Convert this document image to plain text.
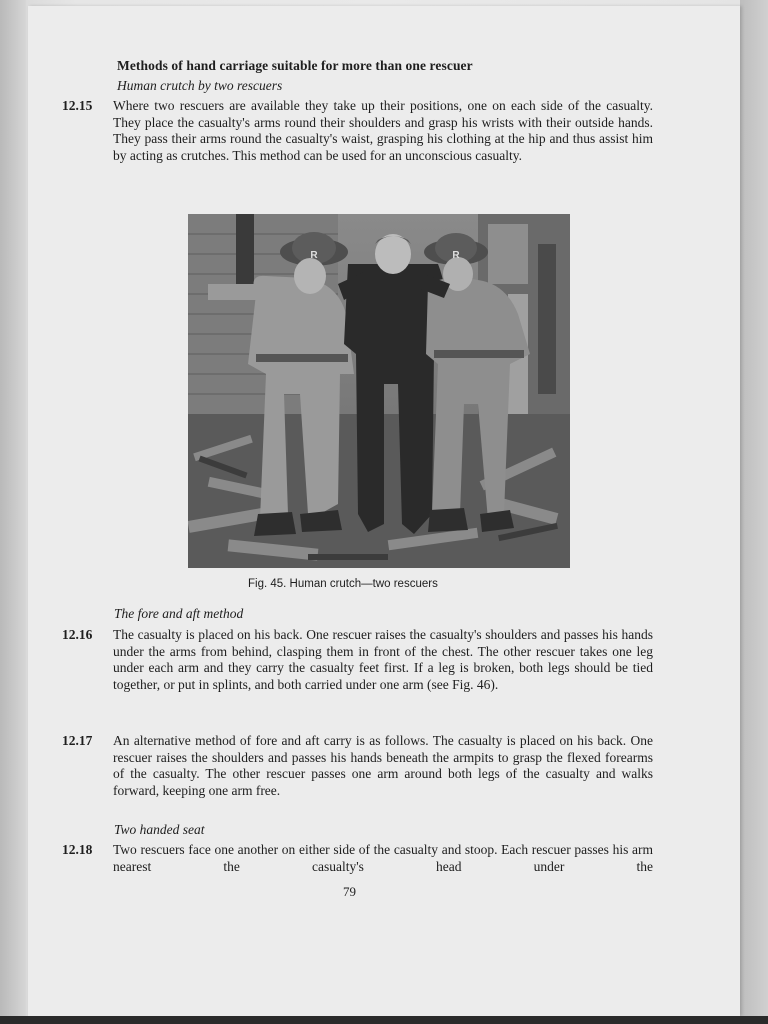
Methods of hand carriage suitable for more than one rescuer
Human crutch by two rescuers
12.15 Where two rescuers are available they take up their positions, one on each side of the casualty. They place the casualty's arms round their shoulders and grasp his wrists with their outside hands. They pass their arms round the casualty's waist, grasping his clothing at the hip and thus assist him by acting as crutches. This method can be used for an unconscious casualty.
R	R
Fig. 45. Human crutch—two rescuers
The fore and aft method
12.16 The casualty is placed on his back. One rescuer raises the casualty's shoulders and passes his hands under the arms from behind, clasping them in front of the chest. The other rescuer takes one leg under each arm and they carry the casualty feet first. If a leg is broken, both legs should be tied together, or put in splints, and both carried under one arm (see Fig. 46).
12.17 An alternative method of fore and aft carry is as follows. The casualty is placed on his back. One rescuer raises the shoulders and passes his hands beneath the armpits to grasp the flexed forearms of the casualty. The other rescuer passes one arm around both legs of the casualty and walks forward, keeping one arm free.
Two handed seat
12.18 Two rescuers face one another on either side of the casualty and stoop. Each rescuer passes his arm nearest the casualty's head under the
79
